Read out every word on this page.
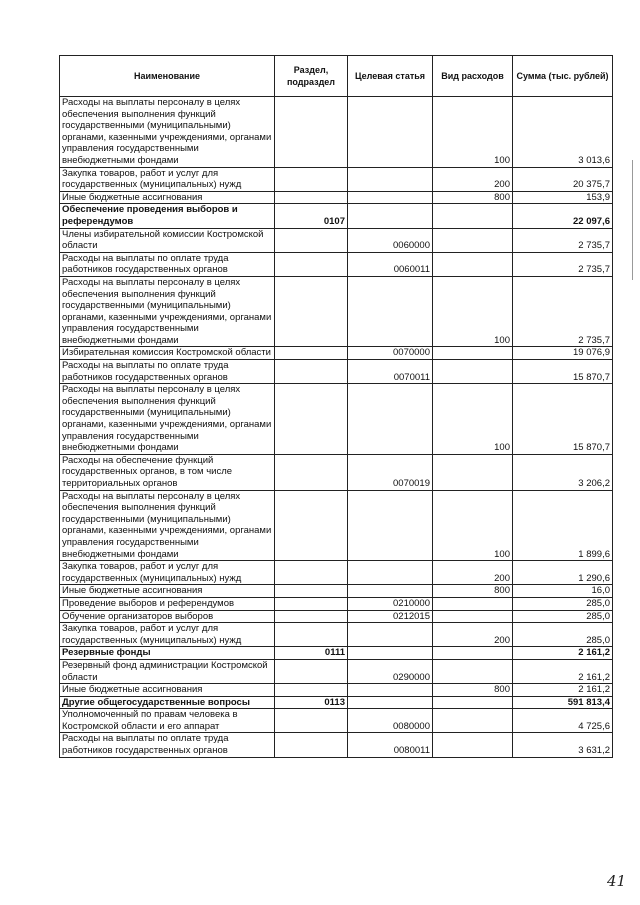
Наименование	Раздел, подраздел	Целевая статья	Вид расходов	Сумма (тыс. рублей)
Расходы на выплаты персоналу в целях обеспечения выполнения функций государственными (муниципальными) органами, казенными учреждениями, органами управления государственными внебюджетными фондами			100	3 013,6
Закупка товаров, работ и услуг для государственных (муниципальных) нужд			200	20 375,7
Иные бюджетные ассигнования			800	153,9
Обеспечение проведения выборов и референдумов	0107			22 097,6
Члены избирательной комиссии Костромской области		0060000		2 735,7
Расходы на выплаты по оплате труда работников государственных органов		0060011		2 735,7
Расходы на выплаты персоналу в целях обеспечения выполнения функций государственными (муниципальными) органами, казенными учреждениями, органами управления государственными внебюджетными фондами			100	2 735,7
Избирательная комиссия Костромской области		0070000		19 076,9
Расходы на выплаты по оплате труда работников государственных органов		0070011		15 870,7
Расходы на выплаты персоналу в целях обеспечения выполнения функций государственными (муниципальными) органами, казенными учреждениями, органами управления государственными внебюджетными фондами			100	15 870,7
Расходы на обеспечение функций государственных органов, в том числе территориальных органов		0070019		3 206,2
Расходы на выплаты персоналу в целях обеспечения выполнения функций государственными (муниципальными) органами, казенными учреждениями, органами управления государственными внебюджетными фондами			100	1 899,6
Закупка товаров, работ и услуг для государственных (муниципальных) нужд			200	1 290,6
Иные бюджетные ассигнования			800	16,0
Проведение выборов и референдумов		0210000		285,0
Обучение организаторов выборов		0212015		285,0
Закупка товаров, работ и услуг для государственных (муниципальных) нужд			200	285,0
Резервные фонды	0111			2 161,2
Резервный фонд администрации Костромской области		0290000		2 161,2
Иные бюджетные ассигнования			800	2 161,2
Другие общегосударственные вопросы	0113			591 813,4
Уполномоченный по правам человека в Костромской области и его аппарат		0080000		4 725,6
Расходы на выплаты по оплате труда работников государственных органов		0080011		3 631,2
41
